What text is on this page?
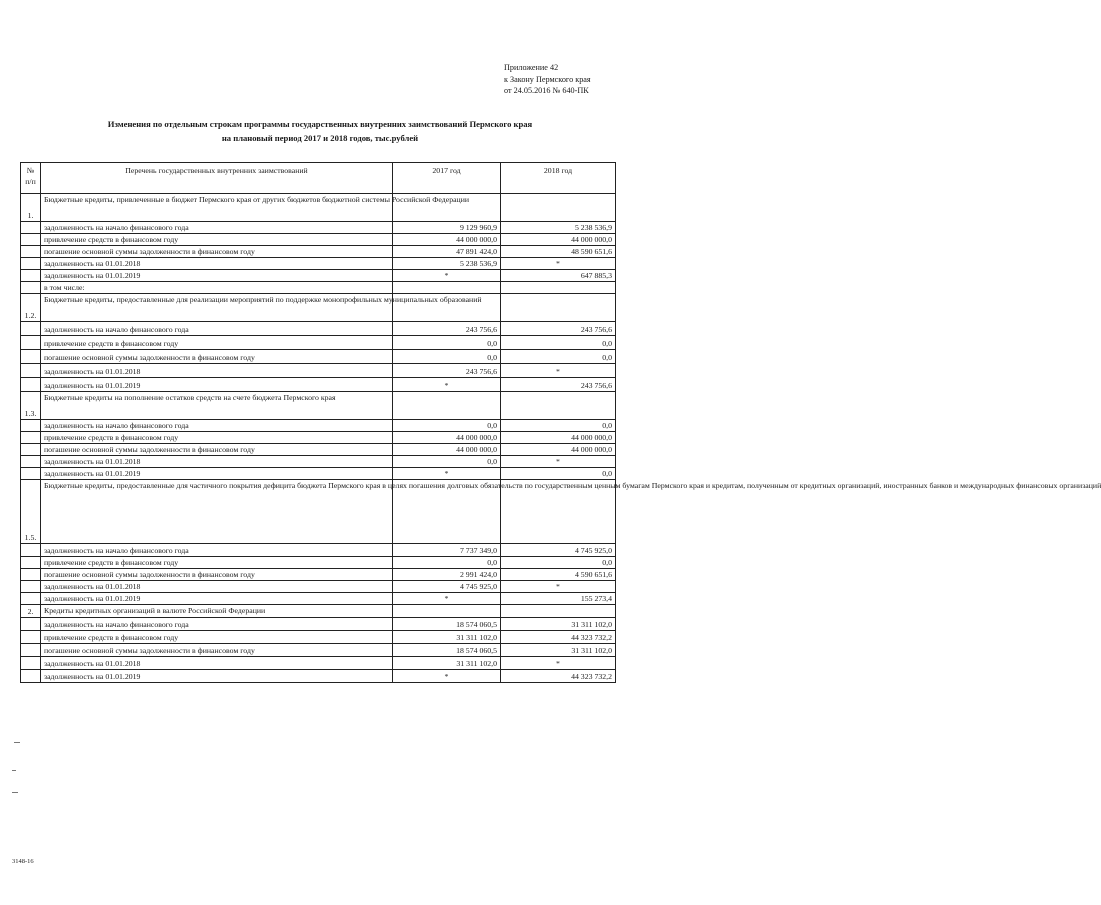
Приложение 42
к Закону Пермского края
от 24.05.2016 № 640-ПК
Изменения по отдельным строкам программы государственных внутренних заимствований Пермского края
на плановый период 2017 и 2018 годов, тыс.рублей
№ п/п	Перечень государственных внутренних заимствований	2017 год	2018 год
1.	Бюджетные кредиты, привлеченные в бюджет Пермского края от других бюджетов бюджетной системы Российской Федерации		
	задолженность на начало финансового года	9 129 960,9	5 238 536,9
	привлечение средств в финансовом году	44 000 000,0	44 000 000,0
	погашение основной суммы задолженности в финансовом году	47 891 424,0	48 590 651,6
	задолженность на 01.01.2018	5 238 536,9	*
	задолженность на 01.01.2019	*	647 885,3
	в том числе:		
1.2.	Бюджетные кредиты, предоставленные для реализации мероприятий по поддержке монопрофильных муниципальных образований		
	задолженность на начало финансового года	243 756,6	243 756,6
	привлечение средств в финансовом году	0,0	0,0
	погашение основной суммы задолженности в финансовом году	0,0	0,0
	задолженность на 01.01.2018	243 756,6	*
	задолженность на 01.01.2019	*	243 756,6
1.3.	Бюджетные кредиты на пополнение остатков средств на счете бюджета Пермского края		
	задолженность на начало финансового года	0,0	0,0
	привлечение средств в финансовом году	44 000 000,0	44 000 000,0
	погашение основной суммы задолженности в финансовом году	44 000 000,0	44 000 000,0
	задолженность на 01.01.2018	0,0	*
	задолженность на 01.01.2019	*	0,0
1.5.	Бюджетные кредиты, предоставленные для частичного покрытия дефицита бюджета Пермского края в целях погашения долговых обязательств по государственным ценным бумагам Пермского края и кредитам, полученным от кредитных организаций, иностранных банков и международных финансовых организаций		
	задолженность на начало финансового года	7 737 349,0	4 745 925,0
	привлечение средств в финансовом году	0,0	0,0
	погашение основной суммы задолженности в финансовом году	2 991 424,0	4 590 651,6
	задолженность на 01.01.2018	4 745 925,0	*
	задолженность на 01.01.2019	*	155 273,4
2.	Кредиты кредитных организаций в валюте Российской Федерации		
	задолженность на начало финансового года	18 574 060,5	31 311 102,0
	привлечение средств в финансовом году	31 311 102,0	44 323 732,2
	погашение основной суммы задолженности в финансовом году	18 574 060,5	31 311 102,0
	задолженность на 01.01.2018	31 311 102,0	*
	задолженность на 01.01.2019	*	44 323 732,2
3148-16
